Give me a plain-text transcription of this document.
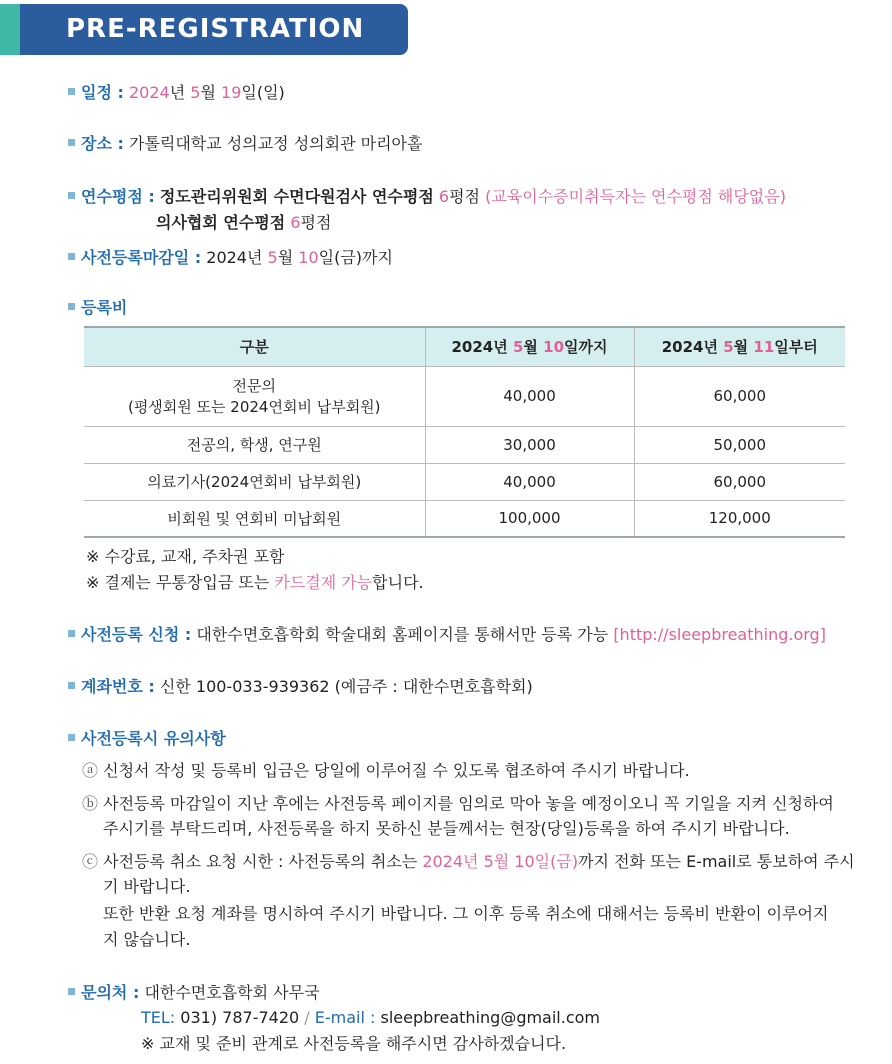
PRE-REGISTRATION
일정 : 2024년 5월 19일(일)
장소 : 가톨릭대학교 성의교정 성의회관 마리아홀
연수평점 : 정도관리위원회 수면다원검사 연수평점 6평점 (교육이수증미취득자는 연수평점 해당없음)
의사협회 연수평점 6평점
사전등록마감일 : 2024년 5월 10일(금)까지
등록비
구분	2024년 5월 10일까지	2024년 5월 11일부터

전문의
(평생회원 또는 2024연회비 납부회원)	40,000	60,000
전공의, 학생, 연구원	30,000	50,000
의료기사(2024연회비 납부회원)	40,000	60,000
비회원 및 연회비 미납회원	100,000	120,000
※ 수강료, 교재, 주차권 포함
※ 결제는 무통장입금 또는 카드결제 가능합니다.
사전등록 신청 : 대한수면호흡학회 학술대회 홈페이지를 통해서만 등록 가능 [http://sleepbreathing.org]
계좌번호 : 신한 100-033-939362 (예금주 : 대한수면호흡학회)
사전등록시 유의사항
ⓐ 신청서 작성 및 등록비 입금은 당일에 이루어질 수 있도록 협조하여 주시기 바랍니다.
ⓑ 사전등록 마감일이 지난 후에는 사전등록 페이지를 임의로 막아 놓을 예정이오니 꼭 기일을 지켜 신청하여
주시기를 부탁드리며, 사전등록을 하지 못하신 분들께서는 현장(당일)등록을 하여 주시기 바랍니다.
ⓒ 사전등록 취소 요청 시한 : 사전등록의 취소는 2024년 5월 10일(금)까지 전화 또는 E-mail로 통보하여 주시
기 바랍니다.
또한 반환 요청 계좌를 명시하여 주시기 바랍니다. 그 이후 등록 취소에 대해서는 등록비 반환이 이루어지
지 않습니다.
문의처 : 대한수면호흡학회 사무국
TEL: 031) 787-7420 / E-mail : sleepbreathing@gmail.com
※ 교재 및 준비 관계로 사전등록을 해주시면 감사하겠습니다.
